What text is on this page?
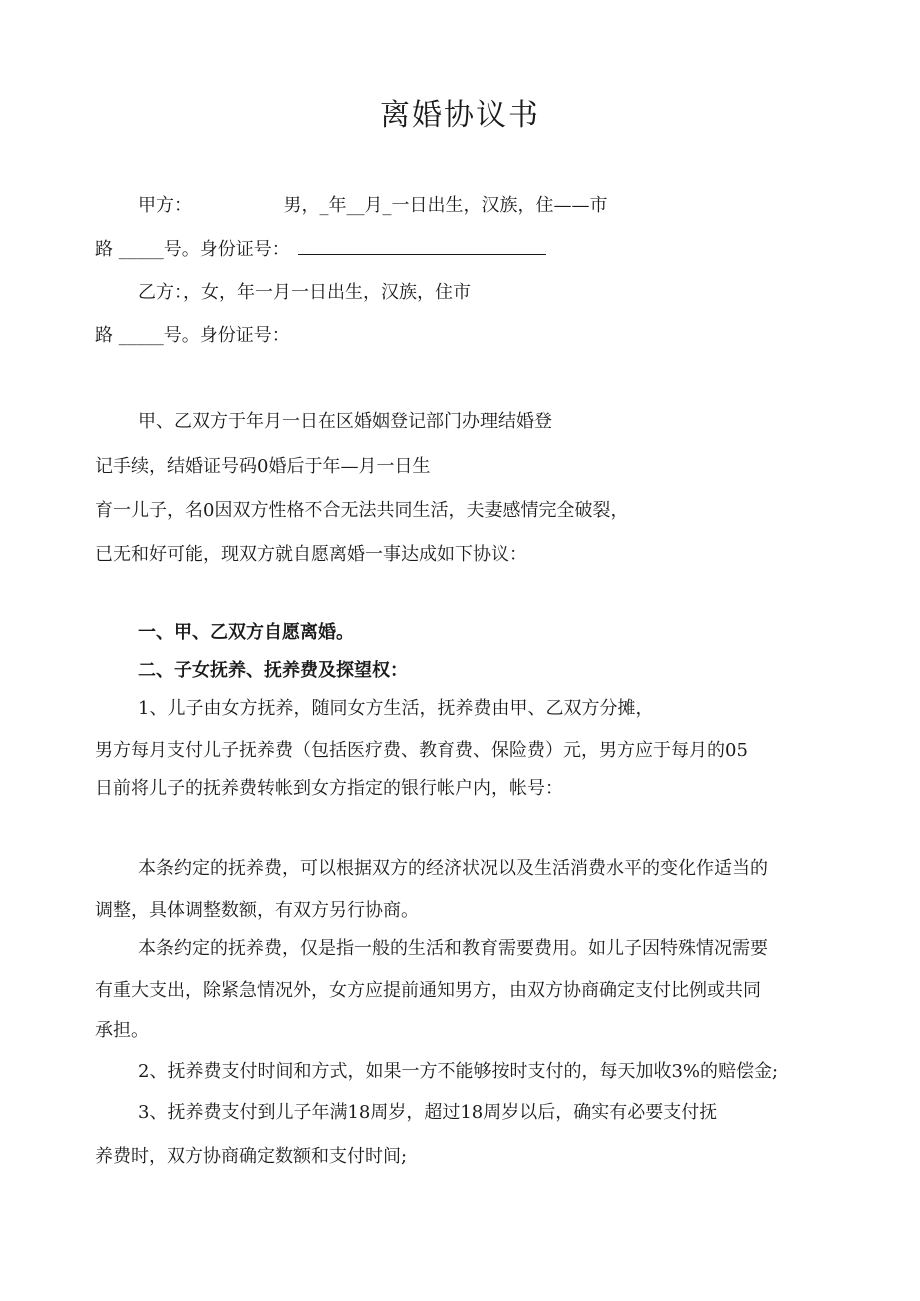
离婚协议书
甲方：                男，_年__月_一日出生，汉族，住——市
路 _____号。身份证号：
乙方：，女，年一月一日出生，汉族，住市
路 _____号。身份证号：
甲、乙双方于年月一日在区婚姻登记部门办理结婚登
记手续，结婚证号码0婚后于年—月一日生
育一儿子，名0因双方性格不合无法共同生活，夫妻感情完全破裂，
已无和好可能，现双方就自愿离婚一事达成如下协议：
一、甲、乙双方自愿离婚。
二、子女抚养、抚养费及探望权：
1、儿子由女方抚养，随同女方生活，抚养费由甲、乙双方分摊，
男方每月支付儿子抚养费（包括医疗费、教育费、保险费）元，男方应于每月的05
日前将儿子的抚养费转帐到女方指定的银行帐户内，帐号：
本条约定的抚养费，可以根据双方的经济状况以及生活消费水平的变化作适当的
调整，具体调整数额，有双方另行协商。
本条约定的抚养费，仅是指一般的生活和教育需要费用。如儿子因特殊情况需要
有重大支出，除紧急情况外，女方应提前通知男方，由双方协商确定支付比例或共同
承担。
2、抚养费支付时间和方式，如果一方不能够按时支付的，每天加收3%的赔偿金;
3、抚养费支付到儿子年满18周岁，超过18周岁以后，确实有必要支付抚
养费时，双方协商确定数额和支付时间;
